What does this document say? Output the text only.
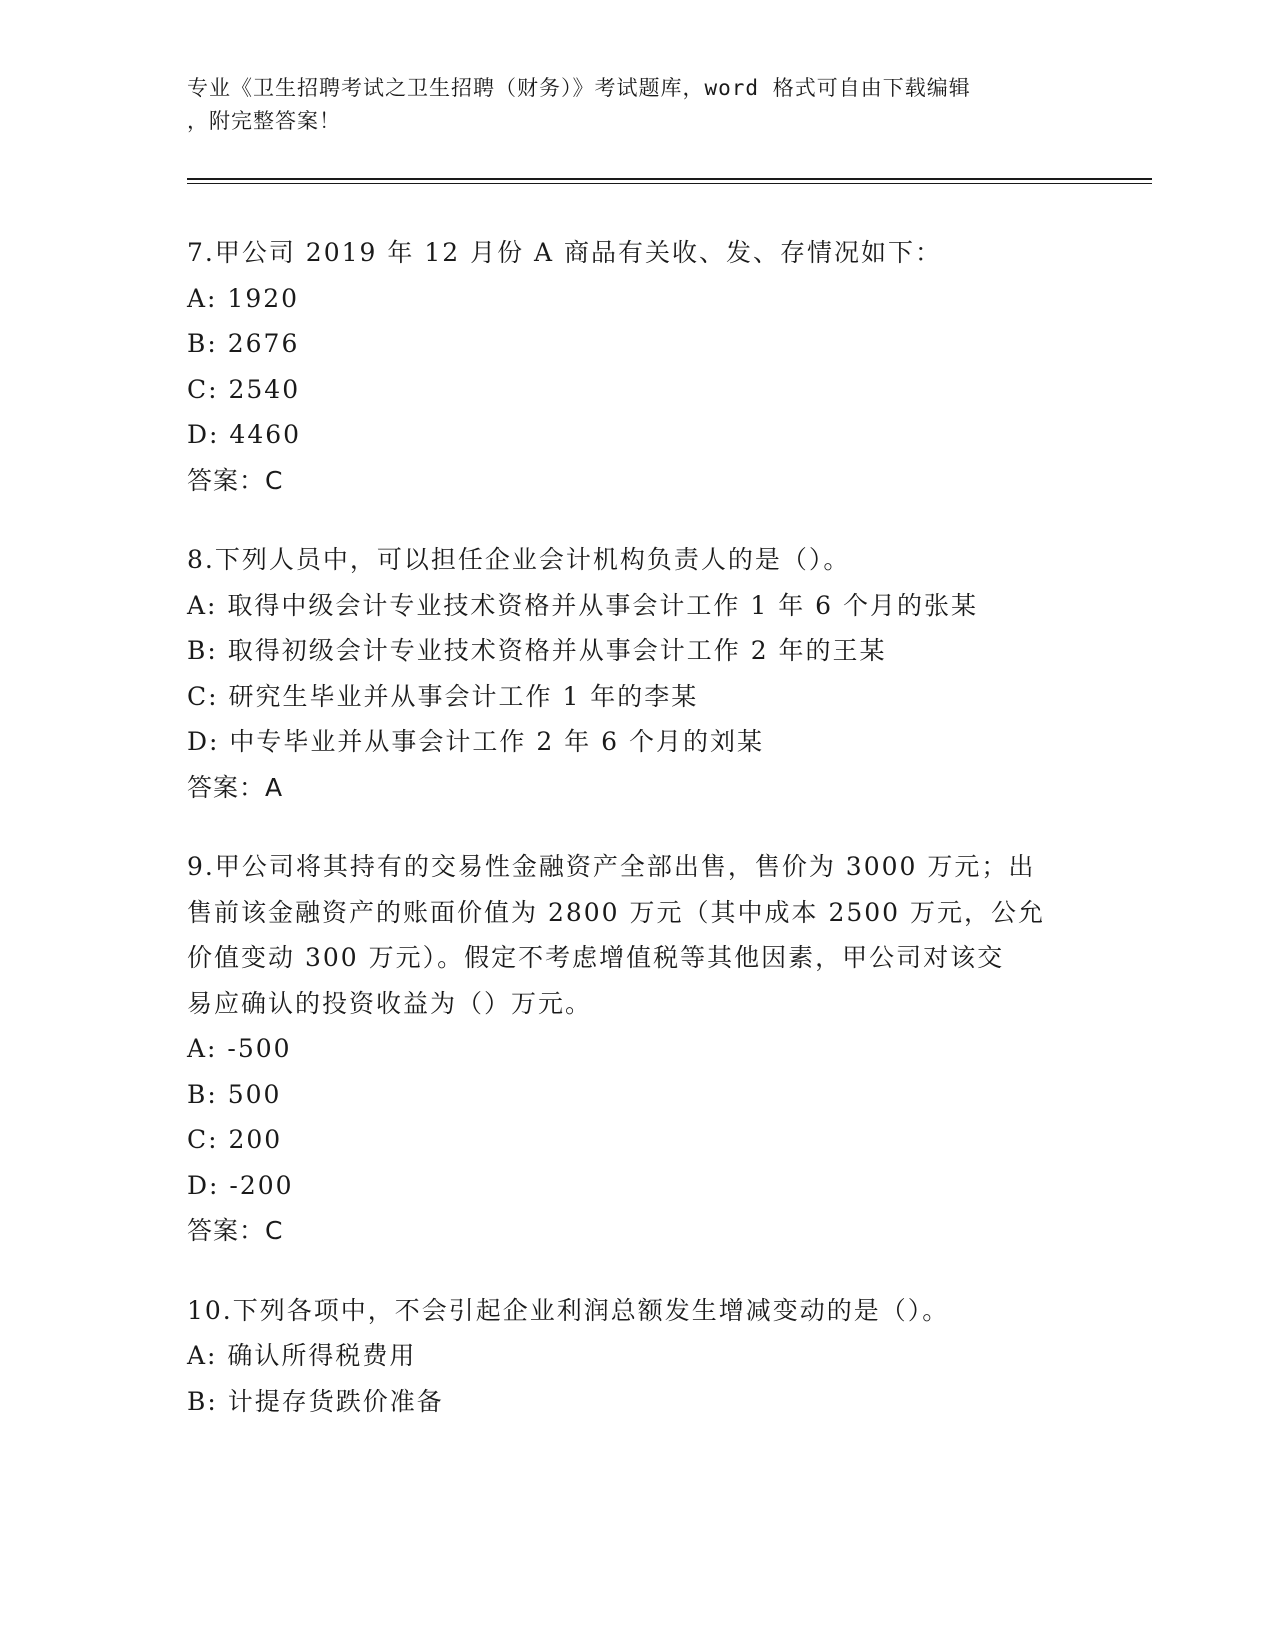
专业《卫生招聘考试之卫生招聘（财务）》考试题库，word 格式可自由下载编辑
，附完整答案！

7.甲公司 2019 年 12 月份 A 商品有关收、发、存情况如下：

A: 1920

B: 2676

C: 2540

D: 4460

答案：C

8.下列人员中，可以担任企业会计机构负责人的是（）。

A: 取得中级会计专业技术资格并从事会计工作 1 年 6 个月的张某

B: 取得初级会计专业技术资格并从事会计工作 2 年的王某

C: 研究生毕业并从事会计工作 1 年的李某

D: 中专毕业并从事会计工作 2 年 6 个月的刘某

答案：A

9.甲公司将其持有的交易性金融资产全部出售，售价为 3000 万元；出
售前该金融资产的账面价值为 2800 万元（其中成本 2500 万元，公允
价值变动 300 万元）。假定不考虑增值税等其他因素，甲公司对该交
易应确认的投资收益为（）万元。

A: -500

B: 500

C: 200

D: -200

答案：C

10.下列各项中，不会引起企业利润总额发生增减变动的是（）。

A: 确认所得税费用

B: 计提存货跌价准备
